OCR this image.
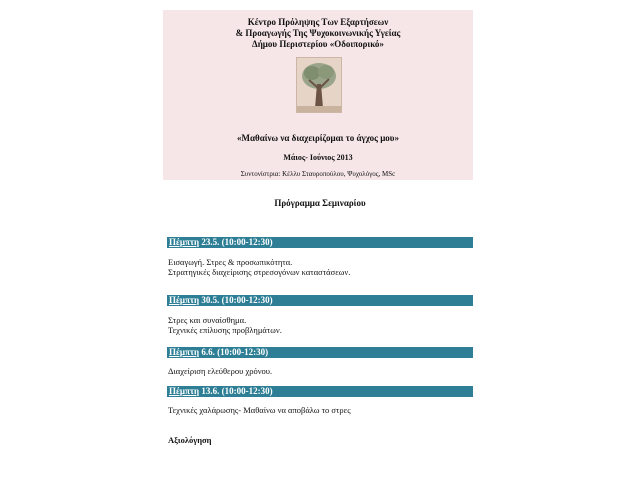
Κέντρο Πρόληψης Των Εξαρτήσεων
& Προαγωγής Της Ψυχοκοινωνικής Υγείας
Δήμου Περιστερίου «Οδοιπορικό»
«Μαθαίνω να διαχειρίζομαι το άγχος μου»
Μάιος- Ιούνιος 2013
Συντονίστρια: Κέλλυ Σταυροπούλου, Ψυχολόγος, MSc
Πρόγραμμα Σεμιναρίου
Πέμπτη 23.5. (10:00-12:30)
Εισαγωγή. Στρες & προσωπικότητα.
Στρατηγικές διαχείρισης στρεσογόνων καταστάσεων.
Πέμπτη 30.5. (10:00-12:30)
Στρες και συναίσθημα.
Τεχνικές επίλυσης προβλημάτων.
Πέμπτη 6.6. (10:00-12:30)
Διαχείριση ελεύθερου χρόνου.
Πέμπτη 13.6. (10:00-12:30)
Τεχνικές χαλάρωσης- Μαθαίνω να αποβάλω το στρες
Αξιολόγηση
